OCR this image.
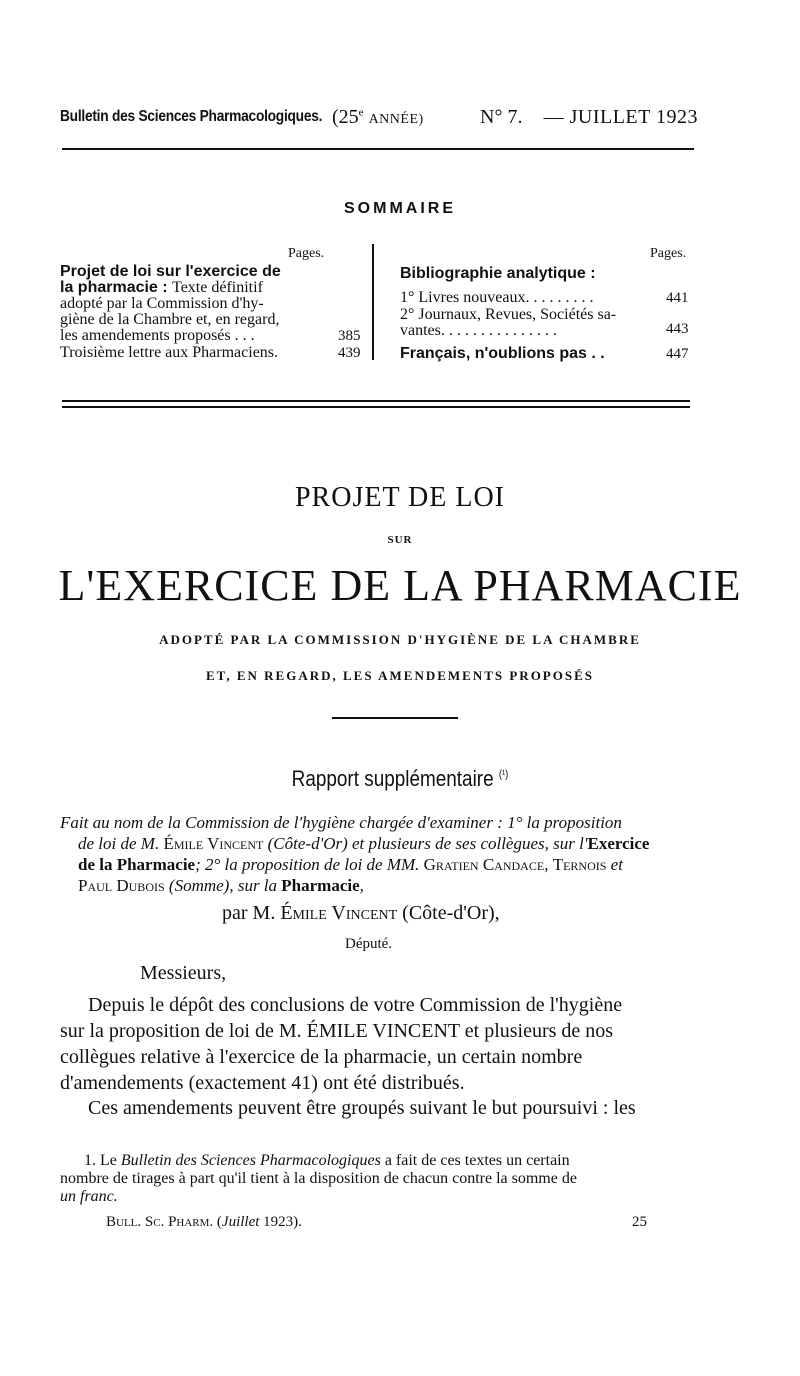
Bulletin des Sciences Pharmacologiques. (25e ANNÉE)	N° 7. — JUILLET 1923
SOMMAIRE
Pages.	Pages.
Projet de loi sur l'exercice de
la pharmacie : Texte définitif
adopté par la Commission d'hy-
giène de la Chambre et, en regard,
les amendements proposés . . .	385
Troisième lettre aux Pharmaciens.	439
Bibliographie analytique :
1° Livres nouveaux. . . . . . . . .	441
2° Journaux, Revues, Sociétés sa-
vantes. . . . . . . . . . . . . . .	443
Français, n'oublions pas . .	447
PROJET DE LOI
SUR
L'EXERCICE DE LA PHARMACIE
ADOPTÉ PAR LA COMMISSION D'HYGIÈNE DE LA CHAMBRE
ET, EN REGARD, LES AMENDEMENTS PROPOSÉS
Rapport supplémentaire $^{(^1)}$
Fait au nom de la Commission de l'hygiène chargée d'examiner : 1° la proposition
de loi de M. Émile Vincent (Côte-d'Or) et plusieurs de ses collègues, sur l'Exercice
de la Pharmacie; 2° la proposition de loi de MM. Gratien Candace, Ternois et
Paul Dubois (Somme), sur la Pharmacie,
par M. Émile Vincent (Côte-d'Or),
Député.
Messieurs,
Depuis le dépôt des conclusions de votre Commission de l'hygiène
sur la proposition de loi de M. ÉMILE VINCENT et plusieurs de nos
collègues relative à l'exercice de la pharmacie, un certain nombre
d'amendements (exactement 41) ont été distribués.
Ces amendements peuvent être groupés suivant le but poursuivi : les
1. Le Bulletin des Sciences Pharmacologiques a fait de ces textes un certain
nombre de tirages à part qu'il tient à la disposition de chacun contre la somme de
un franc.
Bull. Sc. Pharm. (Juillet 1923).	25
